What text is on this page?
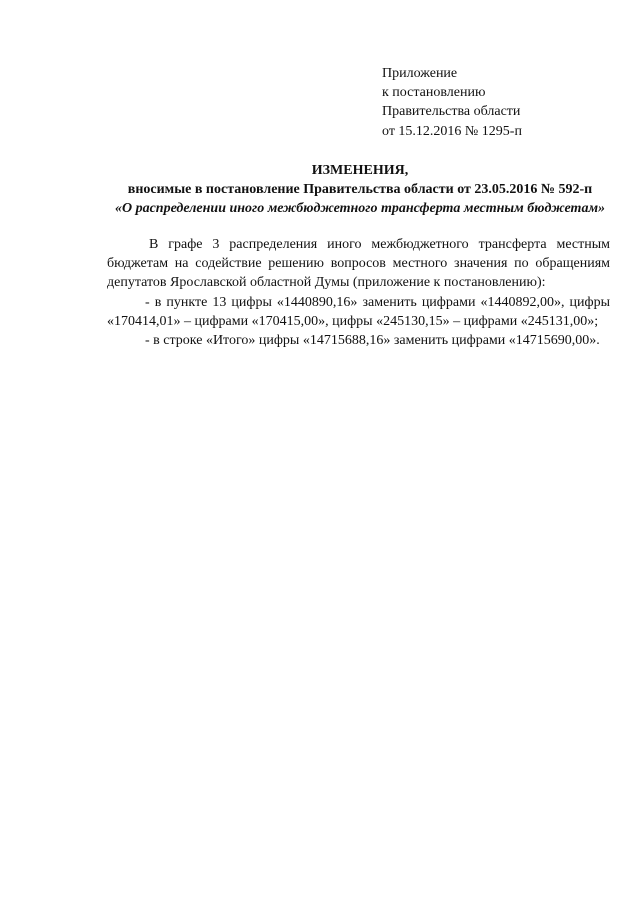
Приложение
к постановлению
Правительства области
от 15.12.2016 № 1295-п
ИЗМЕНЕНИЯ,
вносимые в постановление Правительства области от 23.05.2016 № 592-п
«О распределении иного межбюджетного трансферта местным бюджетам»

В графе 3 распределения иного межбюджетного трансферта местным бюджетам на содействие решению вопросов местного значения по обращениям депутатов Ярославской областной Думы (приложение к постановлению):

- в пункте 13 цифры «1440890,16» заменить цифрами «1440892,00», цифры «170414,01» – цифрами «170415,00», цифры «245130,15» – цифрами «245131,00»;

- в строке «Итого» цифры «14715688,16» заменить цифрами «14715690,00».
